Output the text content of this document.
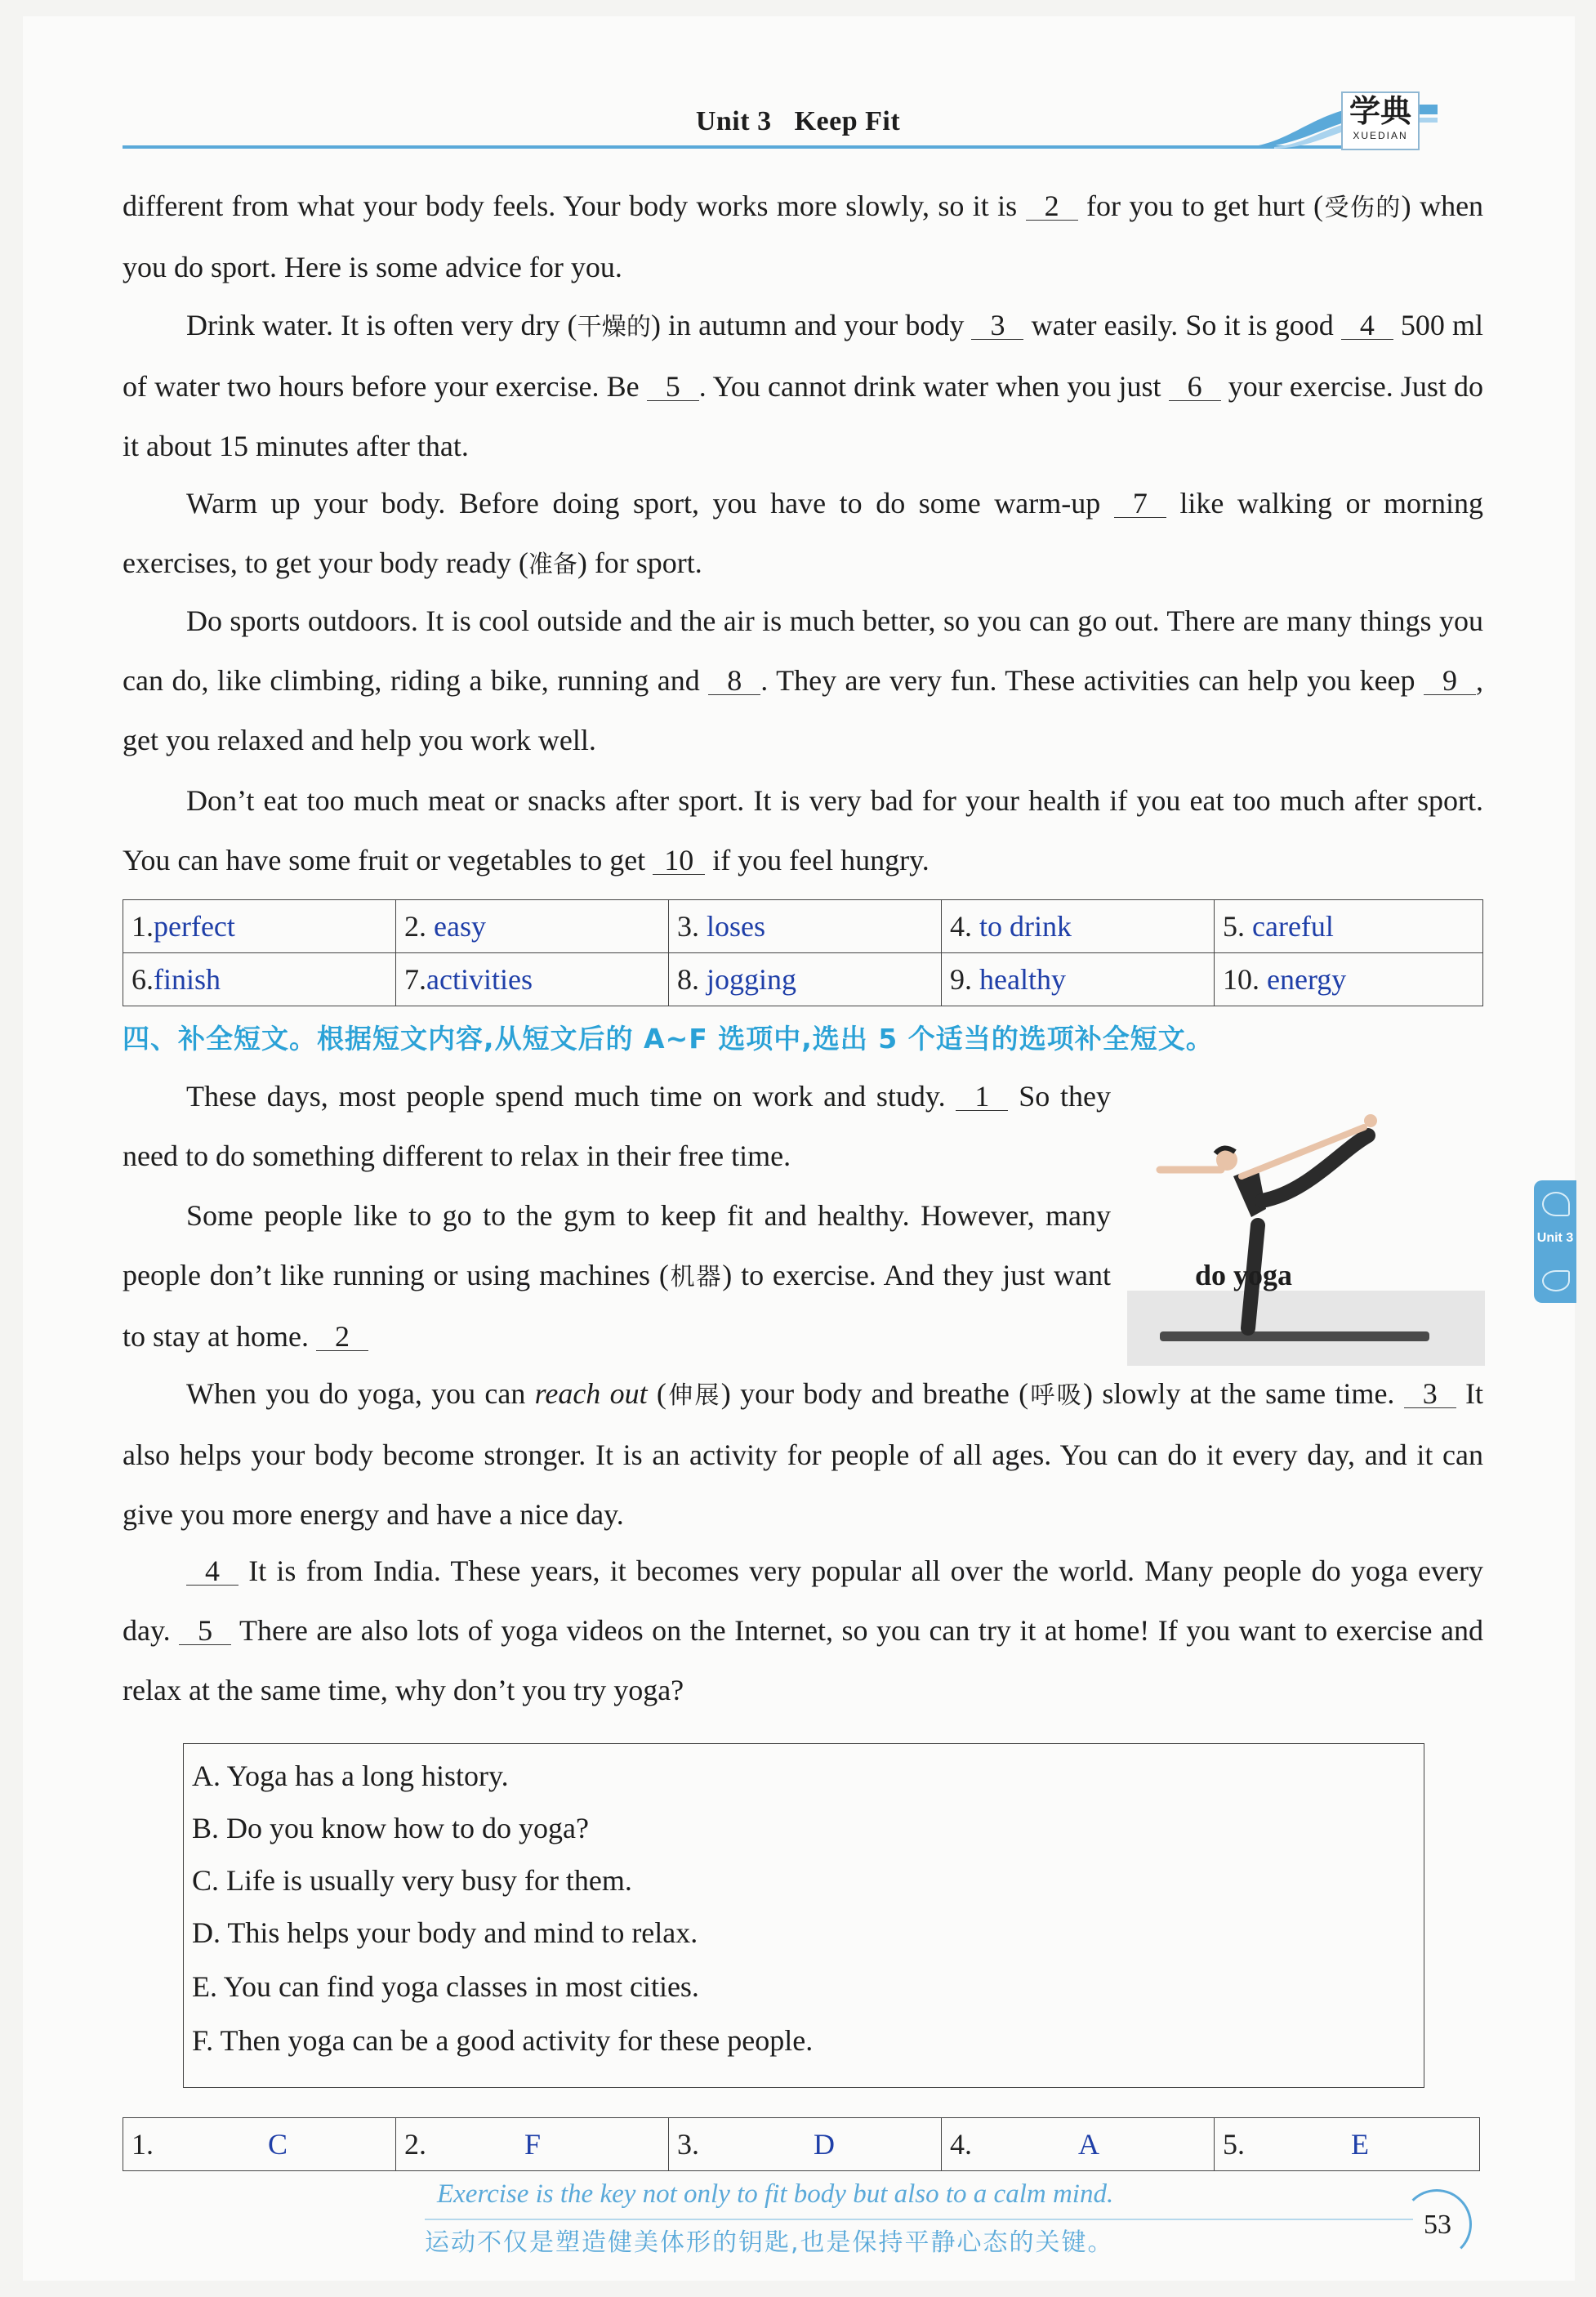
Unit 3 Keep Fit	学典
XUEDIAN
Unit 3
different from what your body feels. Your body works more slowly, so it is 2 for you to get hurt (受伤的) when you do sport. Here is some advice for you.
Drink water. It is often very dry (干燥的) in autumn and your body 3 water easily. So it is good 4 500 ml of water two hours before your exercise. Be 5 . You cannot drink water when you just 6 your exercise. Just do it about 15 minutes after that.
Warm up your body. Before doing sport, you have to do some warm-up 7 like walking or morning exercises, to get your body ready (准备) for sport.
Do sports outdoors. It is cool outside and the air is much better, so you can go out. There are many things you can do, like climbing, riding a bike, running and 8 . They are very fun. These activities can help you keep 9 , get you relaxed and help you work well.
Don’t eat too much meat or snacks after sport. It is very bad for your health if you eat too much after sport. You can have some fruit or vegetables to get 10 if you feel hungry.
1.perfect	2. easy	3. loses	4. to drink	5. careful
6.finish	7.activities	8. jogging	9. healthy	10. energy
四、补全短文。根据短文内容,从短文后的 A~F 选项中,选出 5 个适当的选项补全短文。
These days, most people spend much time on work and study. 1 So they need to do something different to relax in their free time.
Some people like to go to the gym to keep fit and healthy. However, many people don’t like running or using machines (机器) to exercise. And they just want to stay at home. 2
do yoga
When you do yoga, you can reach out (伸展) your body and breathe (呼吸) slowly at the same time. 3 It also helps your body become stronger. It is an activity for people of all ages. You can do it every day, and it can give you more energy and have a nice day.
4 It is from India. These years, it becomes very popular all over the world. Many people do yoga every day. 5 There are also lots of yoga videos on the Internet, so you can try it at home! If you want to exercise and relax at the same time, why don’t you try yoga?
A. Yoga has a long history.
B. Do you know how to do yoga?
C. Life is usually very busy for them.
D. This helps your body and mind to relax.
E. You can find yoga classes in most cities.
F. Then yoga can be a good activity for these people.
1.	C	2.	F	3.	D	4.	A	5.	E
Exercise is the key not only to fit body but also to a calm mind.
运动不仅是塑造健美体形的钥匙,也是保持平静心态的关键。
53
